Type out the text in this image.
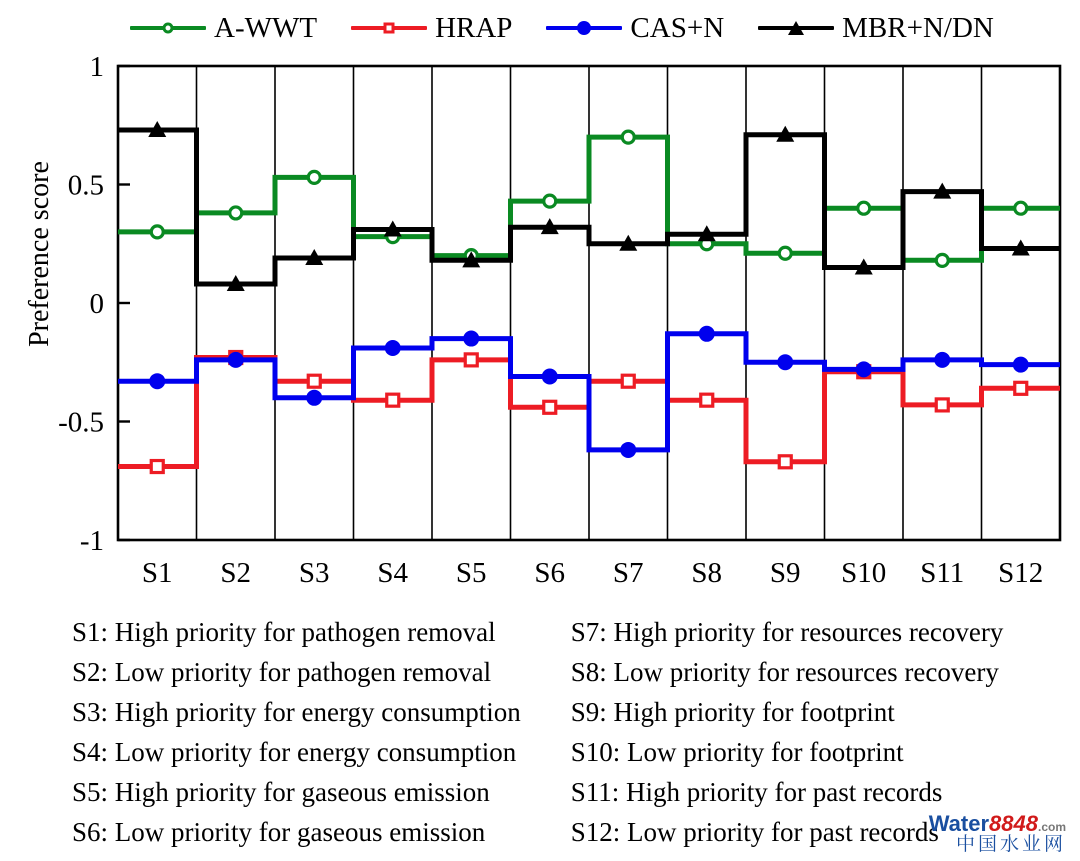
A-WWT	HRAP	CAS+N	MBR+N/DN
Preference score
-1
-0.5
0
0.5
1
S1 S2 S3 S4 S5 S6 S7 S8 S9 S10 S11 S12
S1: High priority for pathogen removal
S2: Low priority for pathogen removal
S3: High priority for energy consumption
S4: Low priority for energy consumption
S5: High priority for gaseous emission
S6: Low priority for gaseous emission
S7: High priority for resources recovery
S8: Low priority for resources recovery
S9: High priority for footprint
S10: Low priority for footprint
S11: High priority for past records
S12: Low priority for past records
Water8848.com
中国水业网
